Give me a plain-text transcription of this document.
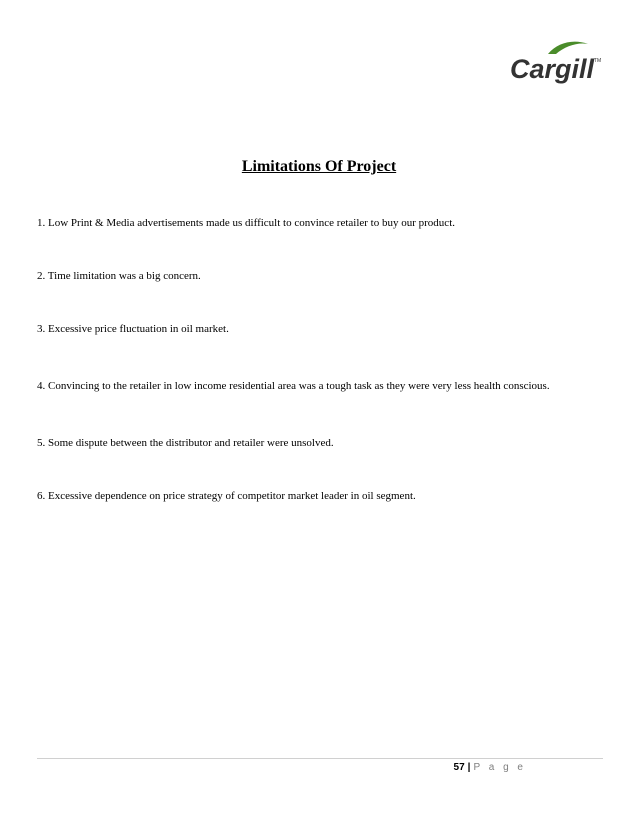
Cargill TM
Limitations Of Project

1. Low Print & Media advertisements made us difficult to convince retailer to buy our product.

2. Time limitation was a big concern.

3. Excessive price fluctuation in oil market.

4. Convincing to the retailer in low income residential area was a tough task as they were very less health conscious.

5. Some dispute between the distributor and retailer were unsolved.

6. Excessive dependence on price strategy of competitor market leader in oil segment.

57 | P a g e
